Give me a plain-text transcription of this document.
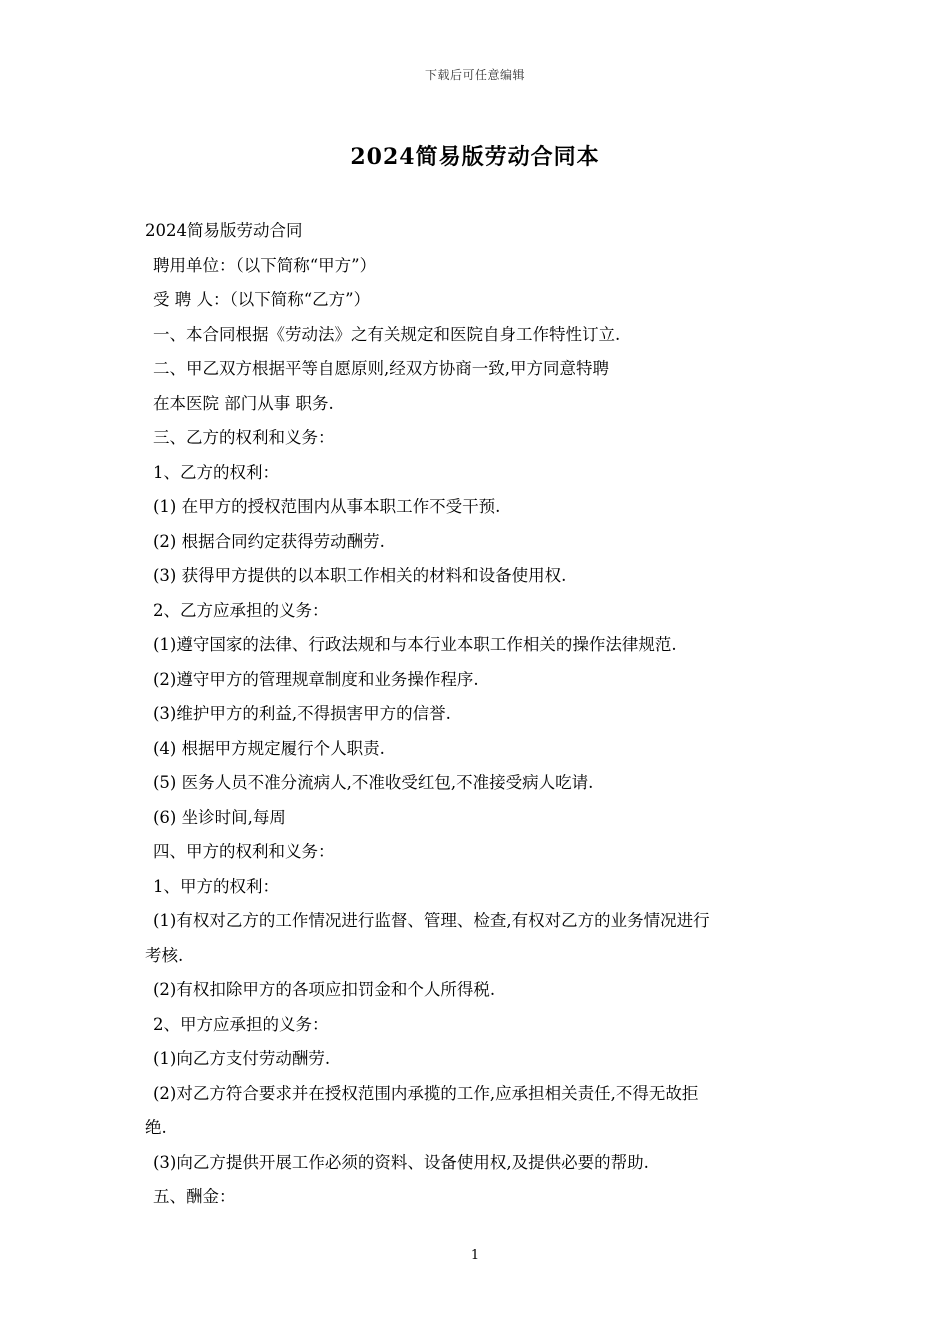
下载后可任意编辑
2024简易版劳动合同本
2024简易版劳动合同
聘用单位：（以下简称“甲方”）
受 聘 人：（以下简称“乙方”）
一、本合同根据《劳动法》之有关规定和医院自身工作特性订立.
二、甲乙双方根据平等自愿原则,经双方协商一致,甲方同意特聘
在本医院 部门从事 职务.
三、乙方的权利和义务：
1、乙方的权利：
(1) 在甲方的授权范围内从事本职工作不受干预.
(2) 根据合同约定获得劳动酬劳.
(3) 获得甲方提供的以本职工作相关的材料和设备使用权.
2、乙方应承担的义务：
(1)遵守国家的法律、行政法规和与本行业本职工作相关的操作法律规范.
(2)遵守甲方的管理规章制度和业务操作程序.
(3)维护甲方的利益,不得损害甲方的信誉.
(4) 根据甲方规定履行个人职责.
(5) 医务人员不准分流病人,不准收受红包,不准接受病人吃请.
(6) 坐诊时间,每周
四、甲方的权利和义务：
1、甲方的权利：
(1)有权对乙方的工作情况进行监督、管理、检查,有权对乙方的业务情况进行
考核.
(2)有权扣除甲方的各项应扣罚金和个人所得税.
2、甲方应承担的义务：
(1)向乙方支付劳动酬劳.
(2)对乙方符合要求并在授权范围内承揽的工作,应承担相关责任,不得无故拒
绝.
(3)向乙方提供开展工作必须的资料、设备使用权,及提供必要的帮助.
五、酬金：
1
